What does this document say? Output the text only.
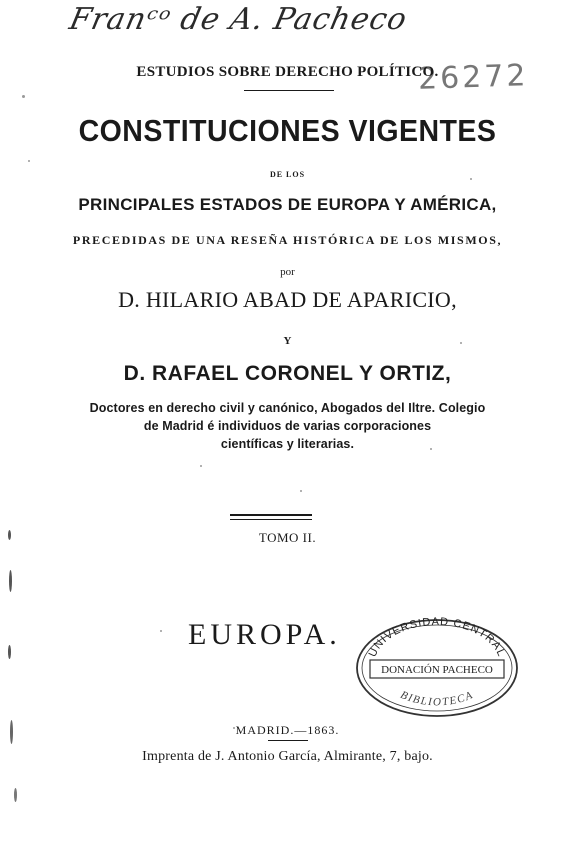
Franᶜᵒ de A. Pacheco
26272
ESTUDIOS SOBRE DERECHO POLÍTICO.
CONSTITUCIONES VIGENTES
DE LOS
PRINCIPALES ESTADOS DE EUROPA Y AMÉRICA,
PRECEDIDAS DE UNA RESEÑA HISTÓRICA DE LOS MISMOS,
por
D. HILARIO ABAD DE APARICIO,
Y
D. RAFAEL CORONEL Y ORTIZ,
Doctores en derecho civil y canónico, Abogados del Iltre. Colegio
de Madrid é individuos de varias corporaciones
científicas y literarias.
TOMO II.
EUROPA.
UNIVERSIDAD CENTRAL
DONACIÓN PACHECO
BIBLIOTECA
MADRID.—1863.
Imprenta de J. Antonio García, Almirante, 7, bajo.
